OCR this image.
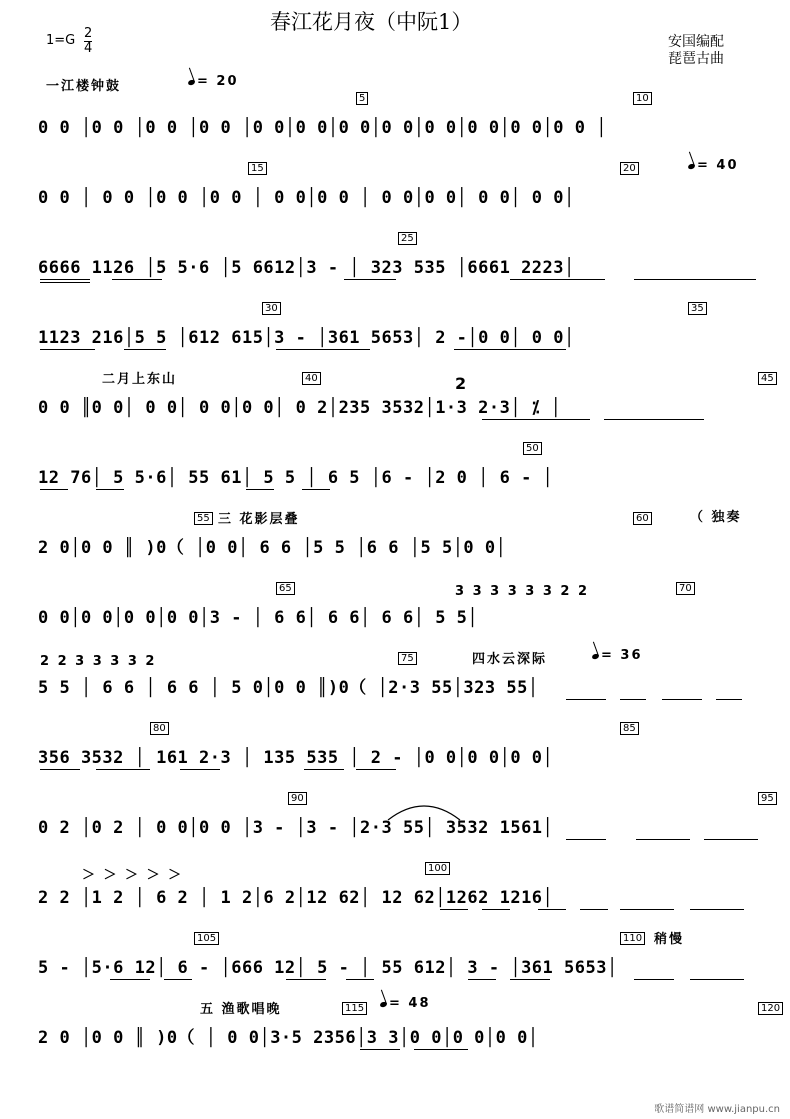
春江花月夜（中阮1）
$1=G \frac{2}{4}$	安国编配
琵琶古曲
一江楼钟鼓	= 20
5	10
15	20
25
30	35
40	45
50
55	60
65	70
75
80	85
90	95
100
105	110
115	120
= 40
0 0 │0 0 │0 0 │0 0 │0 0│0 0│0 0│0 0│0 0│0 0│0 0│0 0 │
0 0 │ 0 0 │0 0 │0 0 │ 0 0│0 0 │ 0 0│0 0│ 0 0│ 0 0│
6666 1126 │5 5·6 │5 6612│3 - │ 323 535 │6661 2223│
1123 216│5 5 │612 615│3 - │361 5653│ 2 -│0 0│ 0 0│
二月上东山	2
0 0 ║0 0│ 0 0│ 0 0│0 0│ 0 2│235 3532│1·3 2·3│ ⁒ │
12 76│ 5 5·6│ 55 61│ 5 5 │ 6 5 │6 - │2 0 │ 6 - │
三 花影层叠	（ 独奏
2 0│0 0 ║ )0（ │0 0│ 6 6 │5 5 │6 6 │5 5│0 0│
3 3 3 3 3 3 2 2
0 0│0 0│0 0│0 0│3 - │ 6 6│ 6 6│ 6 6│ 5 5│
2 2 3 3 3 3 2	四水云深际	= 36
5 5 │ 6 6 │ 6 6 │ 5 0│0 0 ║)0（ │2·3 55│323 55│
356 3532 │ 161 2·3 │ 135 535 │ 2 - │0 0│0 0│0 0│
0 2 │0 2 │ 0 0│0 0 │3 - │3 - │2·3 55│ 3532 1561│
＞ ＞ ＞ ＞ ＞
2 2 │1 2 │ 6 2 │ 1 2│6 2│12 62│ 12 62│1262 1216│
稍慢
5 - │5·6 12│ 6 - │666 12│ 5 - │ 55 612│ 3 - │361 5653│
五 渔歌唱晚	= 48
2 0 │0 0 ║ )0（ │ 0 0│3·5 2356│3 3│0 0│0 0│0 0│
歌谱简谱网 www.jianpu.cn
